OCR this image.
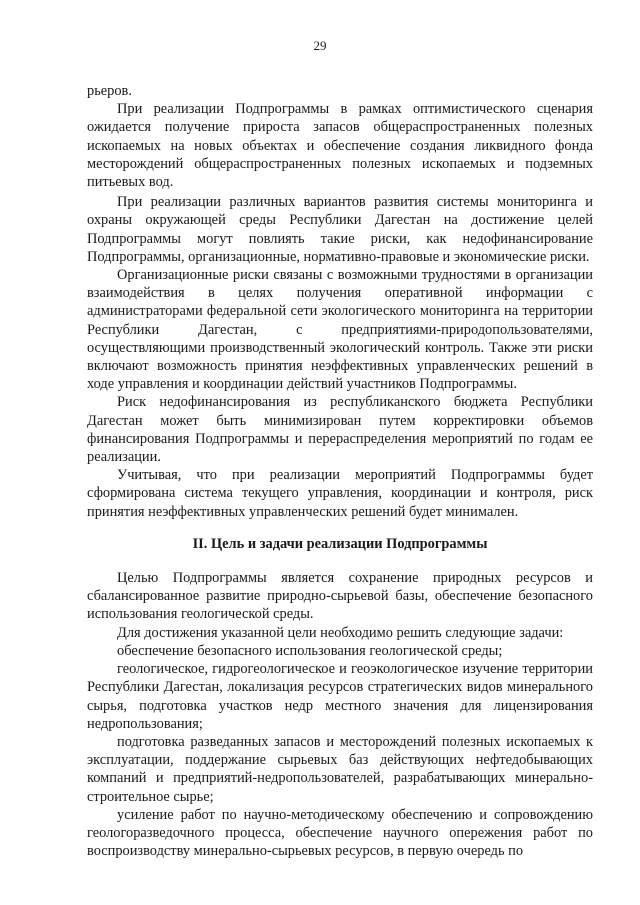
29

рьеров.

При реализации Подпрограммы в рамках оптимистического сценария ожидается получение прироста запасов общераспространенных полезных ископаемых на новых объектах и обеспечение создания ликвидного фонда месторождений общераспространенных полезных ископаемых и подземных питьевых вод.

При реализации различных вариантов развития системы мониторинга и охраны окружающей среды Республики Дагестан на достижение целей Подпрограммы могут повлиять такие риски, как недофинансирование Подпрограммы, организационные, нормативно-правовые и экономические риски.

Организационные риски связаны с возможными трудностями в организации взаимодействия в целях получения оперативной информации с администраторами федеральной сети экологического мониторинга на территории Республики Дагестан, с предприятиями-природопользователями, осуществляющими производственный экологический контроль. Также эти риски включают возможность принятия неэффективных управленческих решений в ходе управления и координации действий участников Подпрограммы.

Риск недофинансирования из республиканского бюджета Республики Дагестан может быть минимизирован путем корректировки объемов финансирования Подпрограммы и перераспределения мероприятий по годам ее реализации.

Учитывая, что при реализации мероприятий Подпрограммы будет сформирована система текущего управления, координации и контроля, риск принятия неэффективных управленческих решений будет минимален.

II. Цель и задачи реализации Подпрограммы

Целью Подпрограммы является сохранение природных ресурсов и сбалансированное развитие природно-сырьевой базы, обеспечение безопасного использования геологической среды.

Для достижения указанной цели необходимо решить следующие задачи:

обеспечение безопасного использования геологической среды;

геологическое, гидрогеологическое и геоэкологическое изучение территории Республики Дагестан, локализация ресурсов стратегических видов минерального сырья, подготовка участков недр местного значения для лицензирования недропользования;

подготовка разведанных запасов и месторождений полезных ископаемых к эксплуатации, поддержание сырьевых баз действующих нефтедобывающих компаний и предприятий-недропользователей, разрабатывающих минерально-строительное сырье;

усиление работ по научно-методическому обеспечению и сопровождению геологоразведочного процесса, обеспечение научного опережения работ по воспроизводству минерально-сырьевых ресурсов, в первую очередь по
